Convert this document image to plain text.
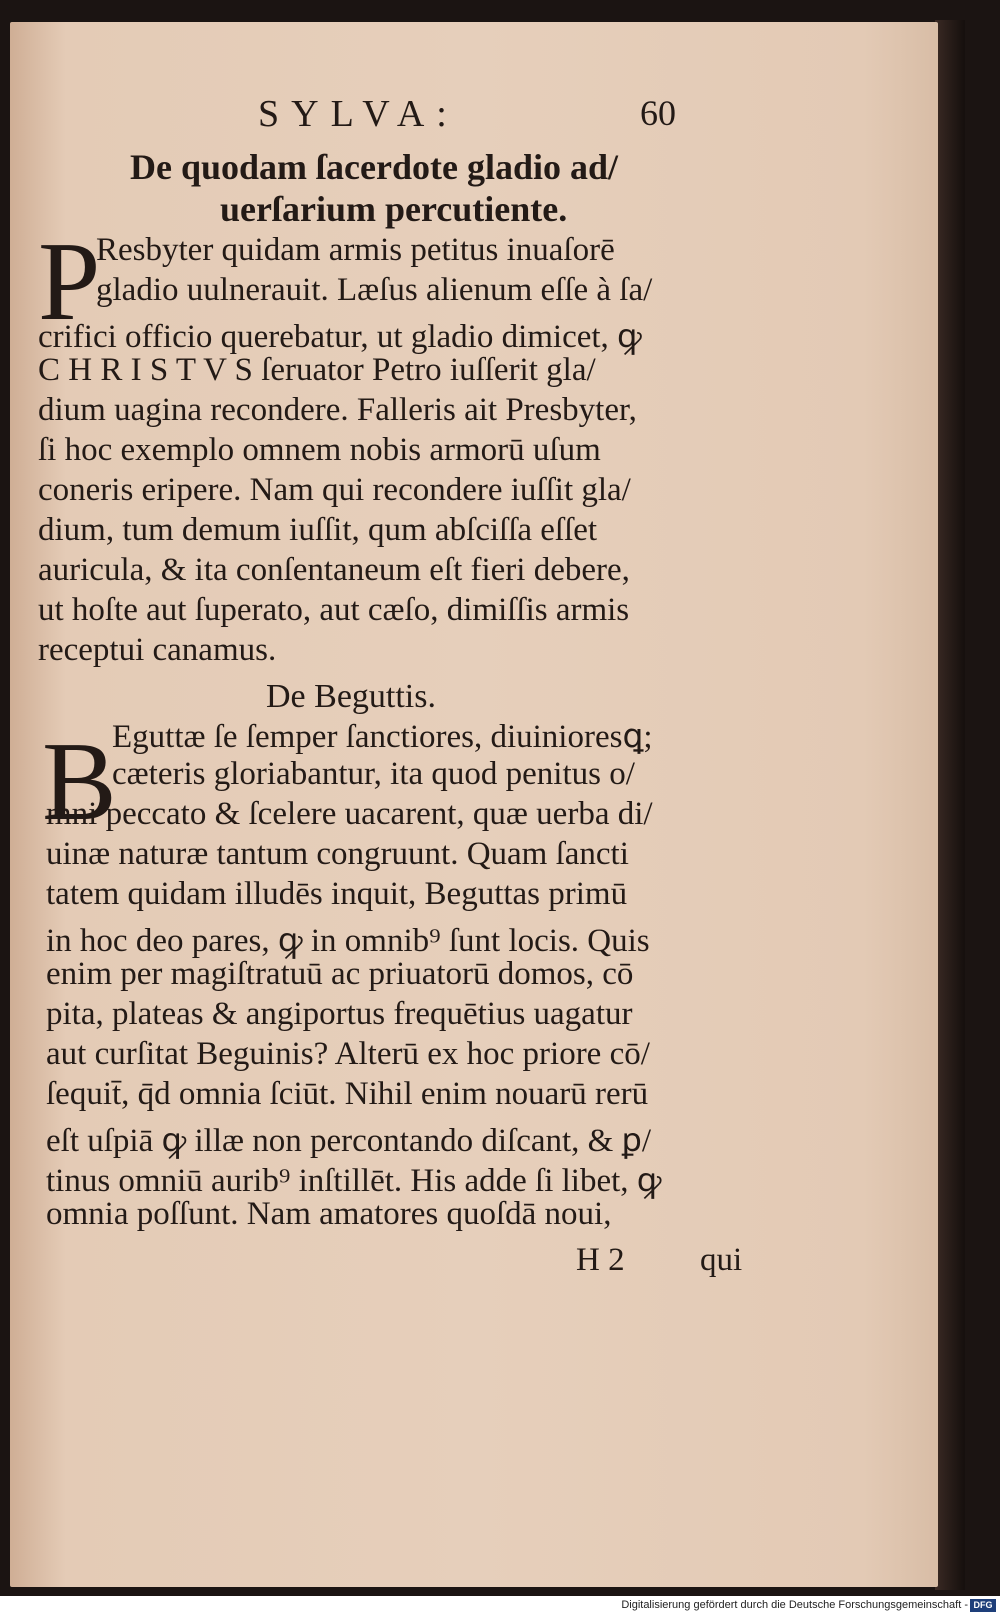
SYLVA:	60
De quodam ſacerdote gladio ad/
uerſarium percutiente.
P
Resbyter quidam armis petitus inuaſorē
gladio uulnerauit. Læſus alienum eſſe à ſa/
crifici officio querebatur, ut gladio dimicet, ꝙ
C H R I S T V S ſeruator Petro iuſſerit gla/
dium uagina recondere. Falleris ait Presbyter,
ſi hoc exemplo omnem nobis armorū uſum
coneris eripere. Nam qui recondere iuſſit gla/
dium, tum demum iuſſit, qum abſciſſa eſſet
auricula, & ita conſentaneum eſt fieri debere,
ut hoſte aut ſuperato, aut cæſo, dimiſſis armis
receptui canamus.
De Beguttis.
B
Eguttæ ſe ſemper ſanctiores, diuinioresꝗ;
cæteris gloriabantur, ita quod penitus o/
mni peccato & ſcelere uacarent, quæ uerba di/
uinæ naturæ tantum congruunt. Quam ſancti
tatem quidam illudēs inquit, Beguttas primū
in hoc deo pares, ꝙ in omnib⁹ ſunt locis. Quis
enim per magiſtratuū ac priuatorū domos, cō
pita, plateas & angiportus frequētius uagatur
aut curſitat Beguinis? Alterū ex hoc priore cō/
ſequit̄, q̄d omnia ſciūt. Nihil enim nouarū rerū
eſt uſpiā ꝙ illæ non percontando diſcant, & ꝑ/
tinus omniū aurib⁹ inſtillēt. His adde ſi libet, ꝙ
omnia poſſunt. Nam amatores quoſdā noui,
H 2 qui
Digitalisierung gefördert durch die Deutsche Forschungsgemeinschaft - DFG
